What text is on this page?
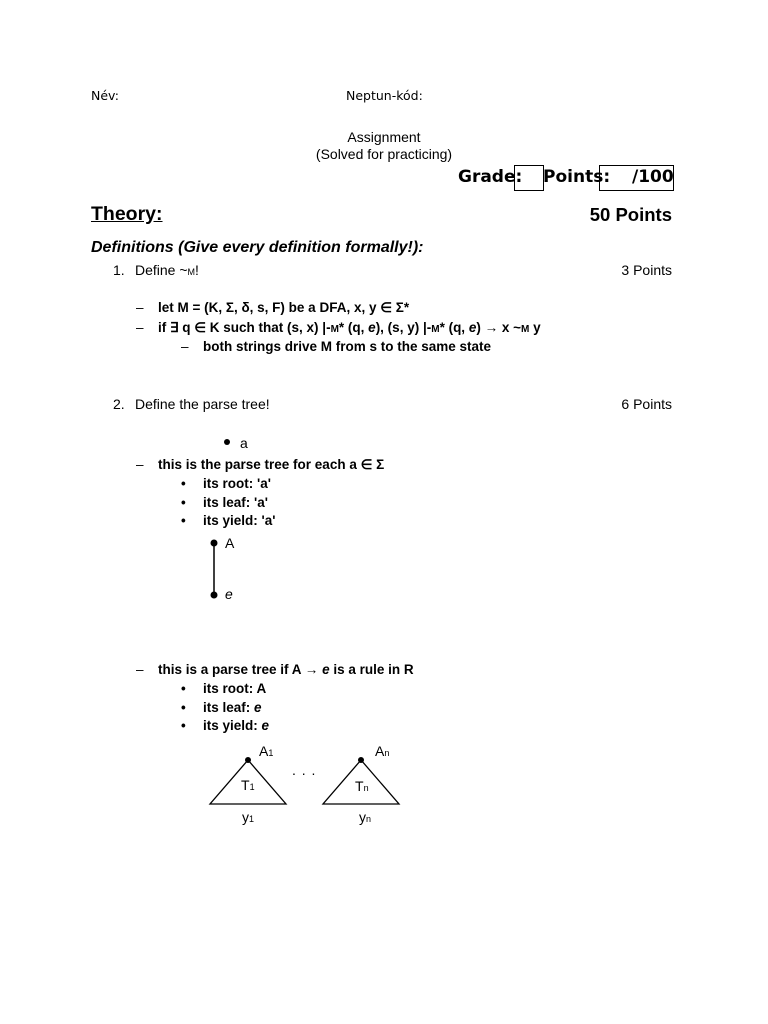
Név:	Neptun-kód:
Assignment
(Solved for practicing)
Grade: Points: /100
Theory:	50 Points
Definitions (Give every definition formally!):
1. Define ~M!	3 Points
– let M = (K, Σ, δ, s, F) be a DFA, x, y ∈ Σ*
– if ∃ q ∈ K such that (s, x) |-M* (q, e), (s, y) |-M* (q, e) → x ~M y
– both strings drive M from s to the same state
2. Define the parse tree!	6 Points
a
– this is the parse tree for each a ∈ Σ
• its root: 'a'
• its leaf: 'a'
• its yield: 'a'
A
e
– this is a parse tree if A → e is a rule in R
• its root: A
• its leaf: e
• its yield: e
A1	An
. . .
T1	Tn
y1	yn
